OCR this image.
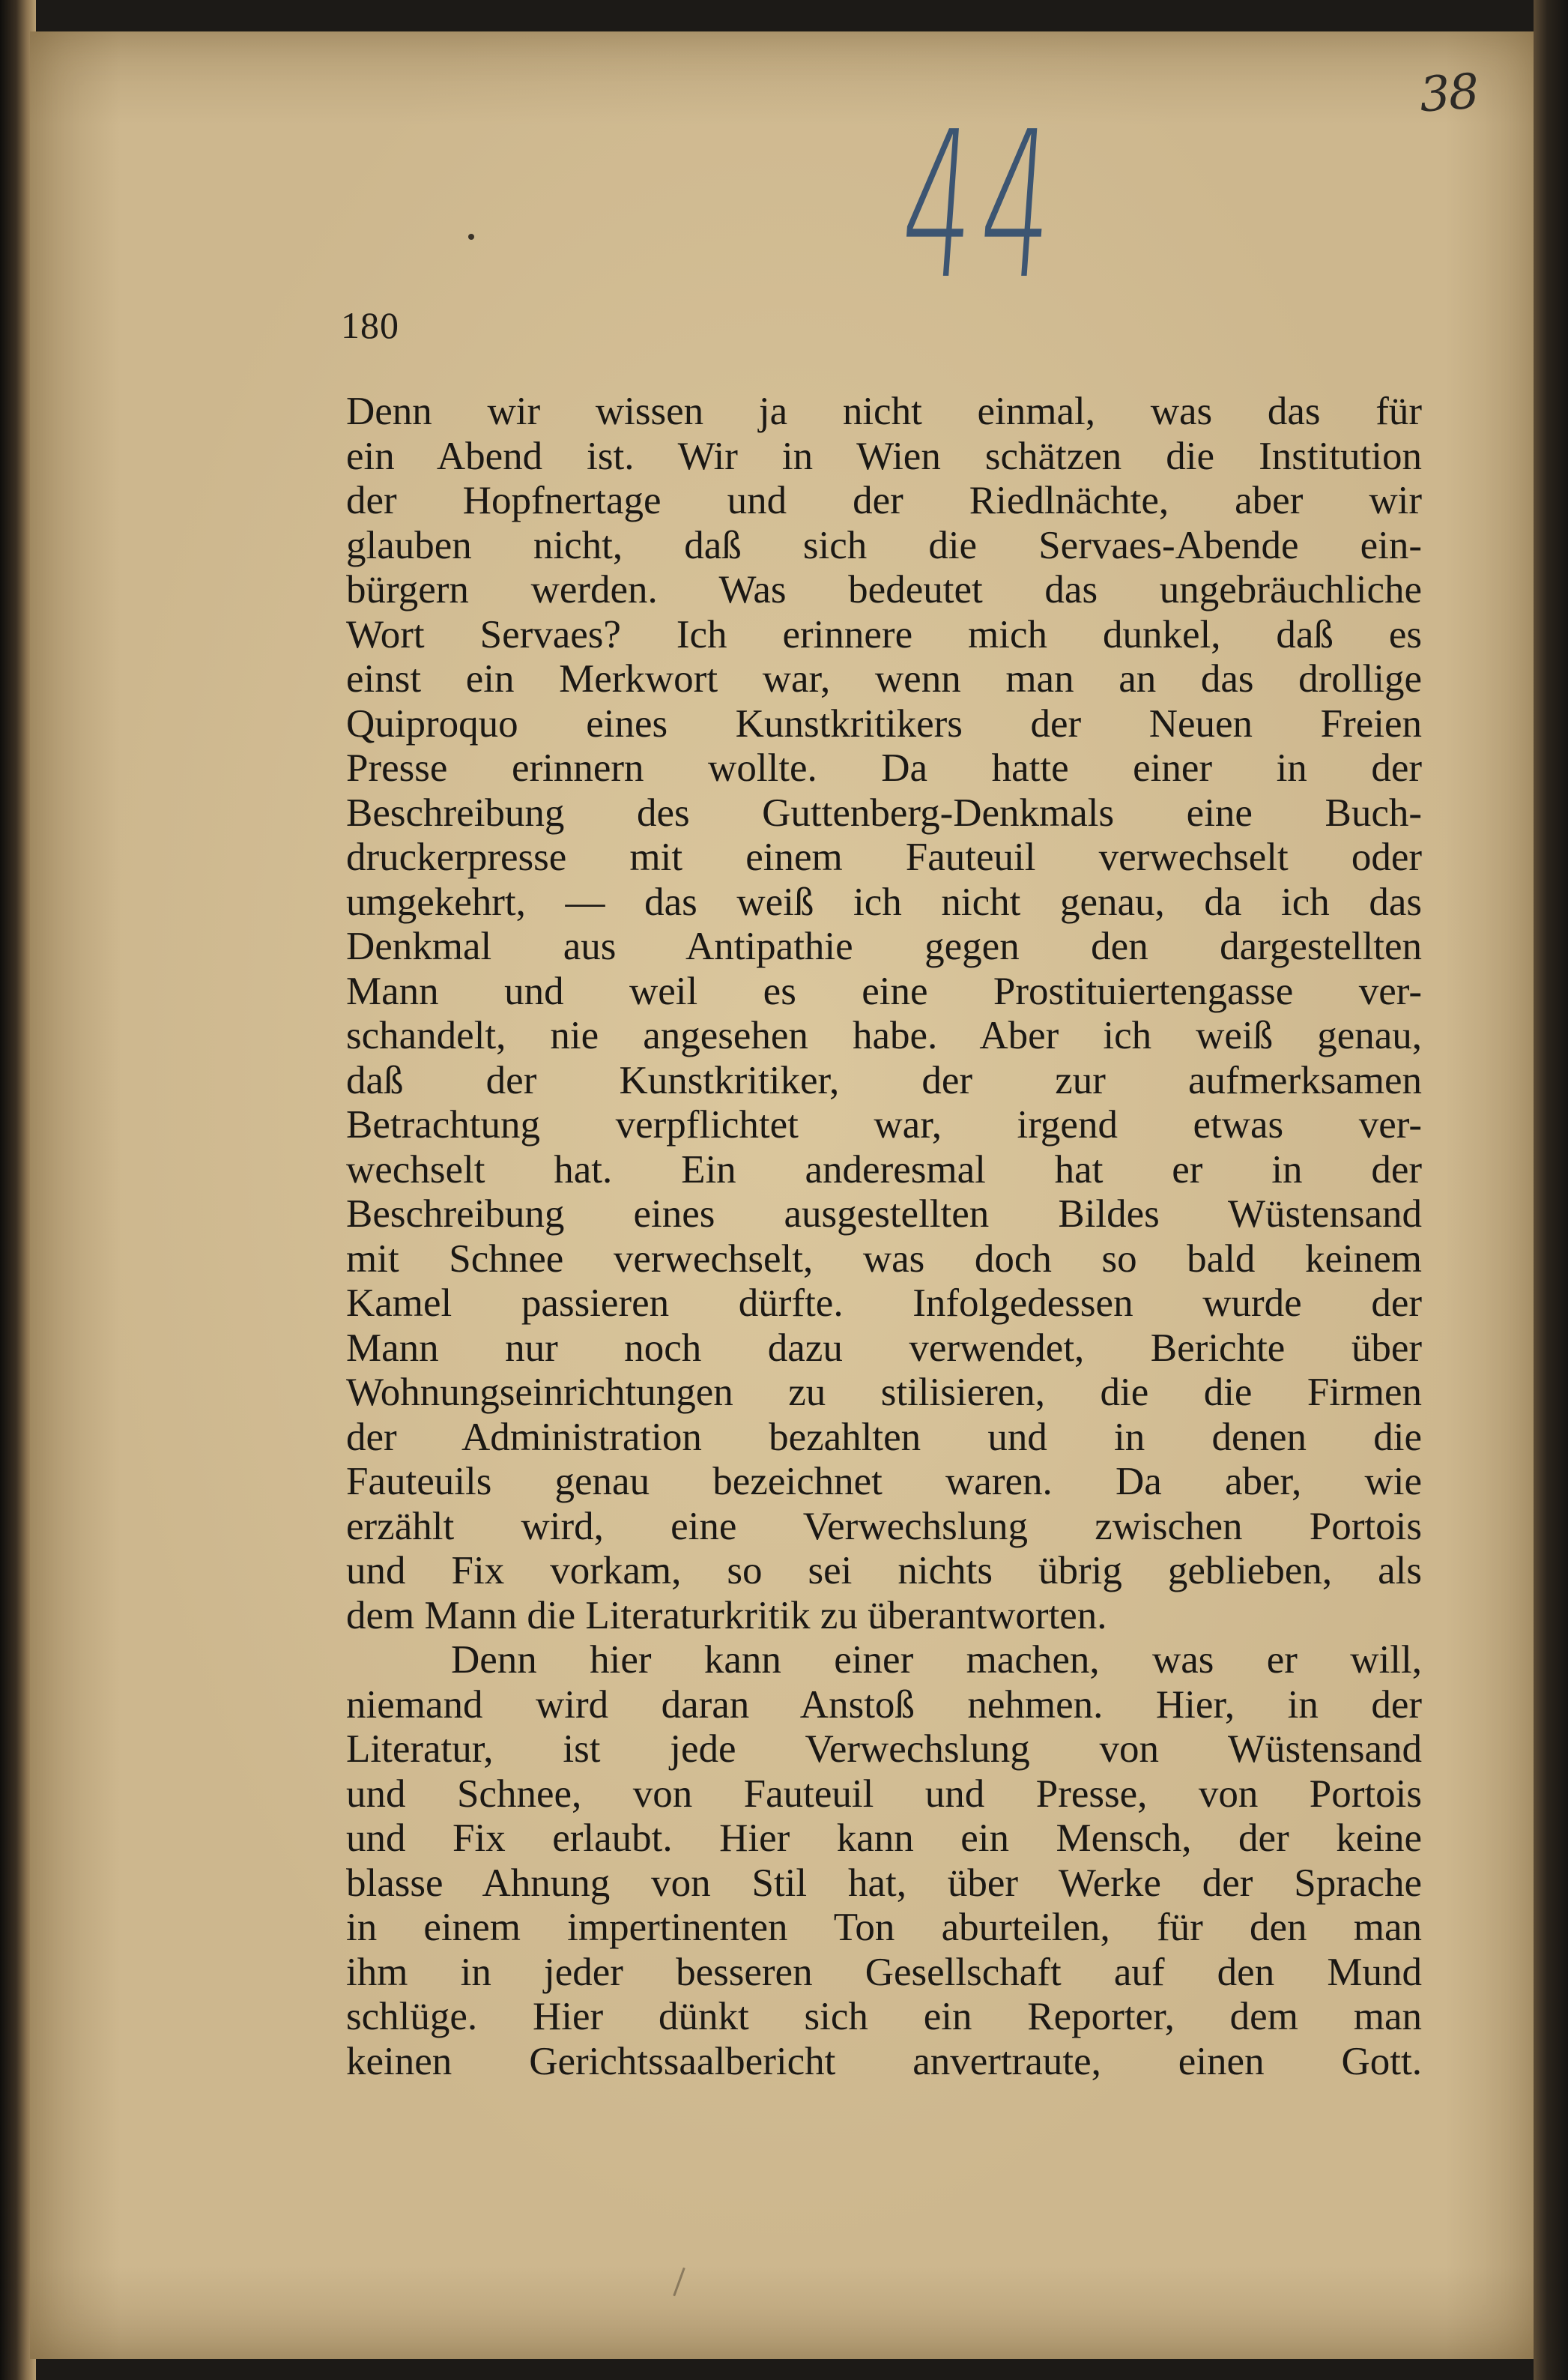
38
44
180
Denn wir wissen ja nicht einmal, was das für
ein Abend ist. Wir in Wien schätzen die Institution
der Hopfnertage und der Riedlnächte, aber wir
glauben nicht, daß sich die Servaes-Abende ein-
bürgern werden. Was bedeutet das ungebräuchliche
Wort Servaes? Ich erinnere mich dunkel, daß es
einst ein Merkwort war, wenn man an das drollige
Quiproquo eines Kunstkritikers der Neuen Freien
Presse erinnern wollte. Da hatte einer in der
Beschreibung des Guttenberg-Denkmals eine Buch-
druckerpresse mit einem Fauteuil verwechselt oder
umgekehrt, — das weiß ich nicht genau, da ich das
Denkmal aus Antipathie gegen den dargestellten
Mann und weil es eine Prostituiertengasse ver-
schandelt, nie angesehen habe. Aber ich weiß genau,
daß der Kunstkritiker, der zur aufmerksamen
Betrachtung verpflichtet war, irgend etwas ver-
wechselt hat. Ein anderesmal hat er in der
Beschreibung eines ausgestellten Bildes Wüstensand
mit Schnee verwechselt, was doch so bald keinem
Kamel passieren dürfte. Infolgedessen wurde der
Mann nur noch dazu verwendet, Berichte über
Wohnungseinrichtungen zu stilisieren, die die Firmen
der Administration bezahlten und in denen die
Fauteuils genau bezeichnet waren. Da aber, wie
erzählt wird, eine Verwechslung zwischen Portois
und Fix vorkam, so sei nichts übrig geblieben, als
dem Mann die Literaturkritik zu überantworten.
Denn hier kann einer machen, was er will,
niemand wird daran Anstoß nehmen. Hier, in der
Literatur, ist jede Verwechslung von Wüstensand
und Schnee, von Fauteuil und Presse, von Portois
und Fix erlaubt. Hier kann ein Mensch, der keine
blasse Ahnung von Stil hat, über Werke der Sprache
in einem impertinenten Ton aburteilen, für den man
ihm in jeder besseren Gesellschaft auf den Mund
schlüge. Hier dünkt sich ein Reporter, dem man
keinen Gerichtssaalbericht anvertraute, einen Gott.
